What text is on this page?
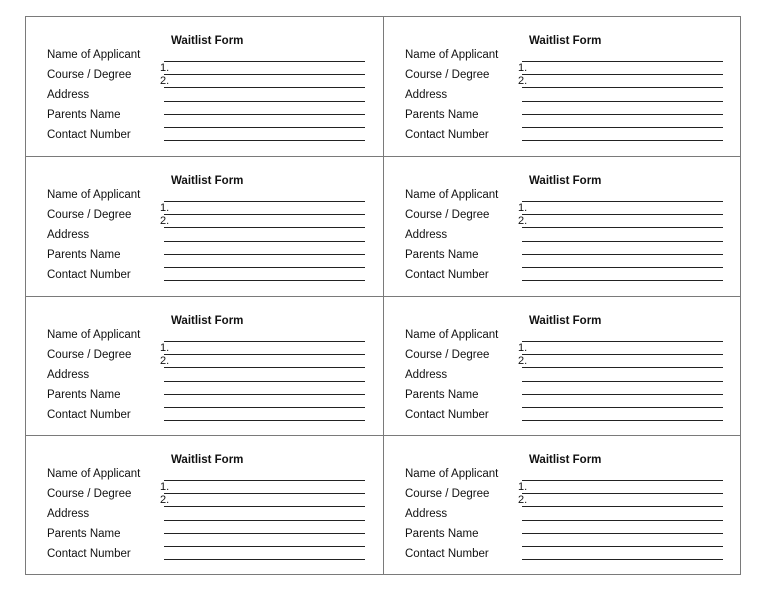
Waitlist Form
Name of Applicant
Course / Degree
Address
Parents Name
Contact Number
1.
2.
Waitlist Form
Name of Applicant
Course / Degree
Address
Parents Name
Contact Number
1.
2.
Waitlist Form
Name of Applicant
Course / Degree
Address
Parents Name
Contact Number
1.
2.
Waitlist Form
Name of Applicant
Course / Degree
Address
Parents Name
Contact Number
1.
2.
Waitlist Form
Name of Applicant
Course / Degree
Address
Parents Name
Contact Number
1.
2.
Waitlist Form
Name of Applicant
Course / Degree
Address
Parents Name
Contact Number
1.
2.
Waitlist Form
Name of Applicant
Course / Degree
Address
Parents Name
Contact Number
1.
2.
Waitlist Form
Name of Applicant
Course / Degree
Address
Parents Name
Contact Number
1.
2.
